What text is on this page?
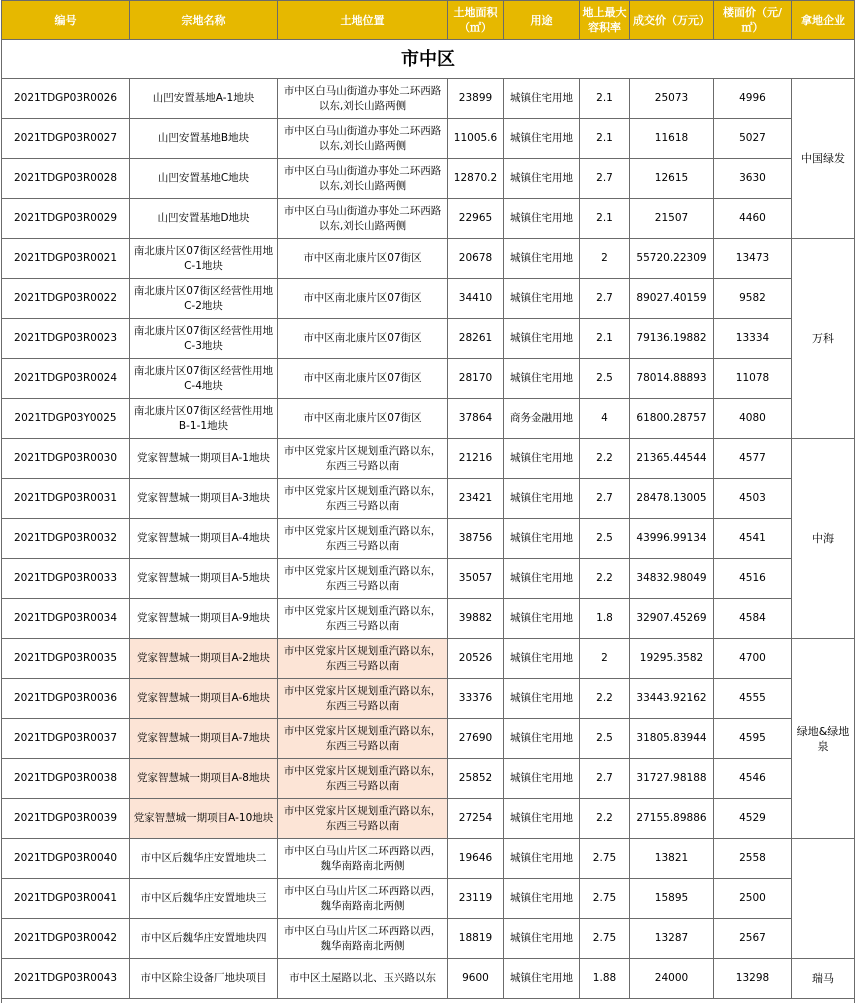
编号	宗地名称	土地位置	土地面积（㎡）	用途	地上最大容积率	成交价（万元）	楼面价（元/㎡）	拿地企业
市中区								
2021TDGP03R0026	山凹安置基地A-1地块	市中区白马山街道办事处二环西路以东,刘长山路两侧	23899	城镇住宅用地	2.1	25073	4996	中国绿发
2021TDGP03R0027	山凹安置基地B地块	市中区白马山街道办事处二环西路以东,刘长山路两侧	11005.6	城镇住宅用地	2.1	11618	5027	
2021TDGP03R0028	山凹安置基地C地块	市中区白马山街道办事处二环西路以东,刘长山路两侧	12870.2	城镇住宅用地	2.7	12615	3630	
2021TDGP03R0029	山凹安置基地D地块	市中区白马山街道办事处二环西路以东,刘长山路两侧	22965	城镇住宅用地	2.1	21507	4460	
2021TDGP03R0021	南北康片区07街区经营性用地C-1地块	市中区南北康片区07街区	20678	城镇住宅用地	2	55720.22309	13473	万科
2021TDGP03R0022	南北康片区07街区经营性用地C-2地块	市中区南北康片区07街区	34410	城镇住宅用地	2.7	89027.40159	9582	
2021TDGP03R0023	南北康片区07街区经营性用地C-3地块	市中区南北康片区07街区	28261	城镇住宅用地	2.1	79136.19882	13334	
2021TDGP03R0024	南北康片区07街区经营性用地C-4地块	市中区南北康片区07街区	28170	城镇住宅用地	2.5	78014.88893	11078	
2021TDGP03Y0025	南北康片区07街区经营性用地B-1-1地块	市中区南北康片区07街区	37864	商务金融用地	4	61800.28757	4080	
2021TDGP03R0030	党家智慧城一期项目A-1地块	市中区党家片区规划重汽路以东，东西三号路以南	21216	城镇住宅用地	2.2	21365.44544	4577	中海
2021TDGP03R0031	党家智慧城一期项目A-3地块	市中区党家片区规划重汽路以东，东西三号路以南	23421	城镇住宅用地	2.7	28478.13005	4503	
2021TDGP03R0032	党家智慧城一期项目A-4地块	市中区党家片区规划重汽路以东，东西三号路以南	38756	城镇住宅用地	2.5	43996.99134	4541	
2021TDGP03R0033	党家智慧城一期项目A-5地块	市中区党家片区规划重汽路以东，东西三号路以南	35057	城镇住宅用地	2.2	34832.98049	4516	
2021TDGP03R0034	党家智慧城一期项目A-9地块	市中区党家片区规划重汽路以东，东西三号路以南	39882	城镇住宅用地	1.8	32907.45269	4584	
2021TDGP03R0035	党家智慧城一期项目A-2地块	市中区党家片区规划重汽路以东，东西三号路以南	20526	城镇住宅用地	2	19295.3582	4700	绿地&绿地泉
2021TDGP03R0036	党家智慧城一期项目A-6地块	市中区党家片区规划重汽路以东，东西三号路以南	33376	城镇住宅用地	2.2	33443.92162	4555	
2021TDGP03R0037	党家智慧城一期项目A-7地块	市中区党家片区规划重汽路以东，东西三号路以南	27690	城镇住宅用地	2.5	31805.83944	4595	
2021TDGP03R0038	党家智慧城一期项目A-8地块	市中区党家片区规划重汽路以东，东西三号路以南	25852	城镇住宅用地	2.7	31727.98188	4546	
2021TDGP03R0039	党家智慧城一期项目A-10地块	市中区党家片区规划重汽路以东，东西三号路以南	27254	城镇住宅用地	2.2	27155.89886	4529	
2021TDGP03R0040	市中区后魏华庄安置地块二	市中区白马山片区二环西路以西，魏华南路南北两侧	19646	城镇住宅用地	2.75	13821	2558	
2021TDGP03R0041	市中区后魏华庄安置地块三	市中区白马山片区二环西路以西，魏华南路南北两侧	23119	城镇住宅用地	2.75	15895	2500	
2021TDGP03R0042	市中区后魏华庄安置地块四	市中区白马山片区二环西路以西，魏华南路南北两侧	18819	城镇住宅用地	2.75	13287	2567	
2021TDGP03R0043	市中区除尘设备厂地块项目	市中区土屋路以北、玉兴路以东	9600	城镇住宅用地	1.88	24000	13298	瑞马
